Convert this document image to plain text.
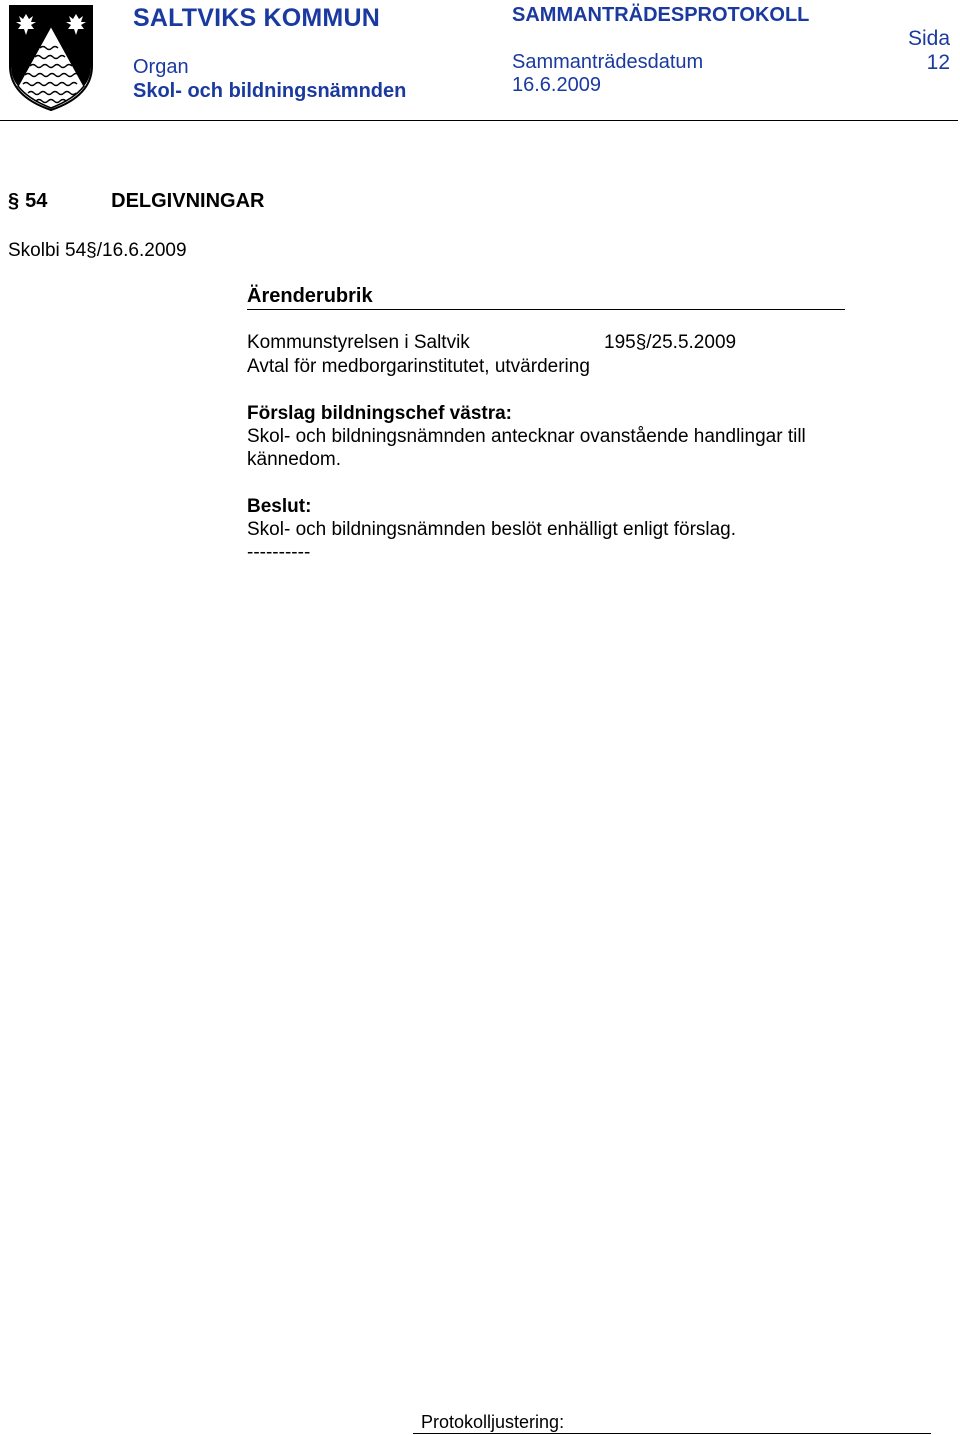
SALTVIKS KOMMUN
Organ
Skol- och bildningsnämnden
SAMMANTRÄDESPROTOKOLL
Sammanträdesdatum
16.6.2009
Sida
12
§ 54	DELGIVNINGAR
Skolbi 54§/16.6.2009
Ärenderubrik
Kommunstyrelsen i Saltvik	195§/25.5.2009
Avtal för medborgarinstitutet, utvärdering
Förslag bildningschef västra:
Skol- och bildningsnämnden antecknar ovanstående handlingar till
kännedom.
Beslut:
Skol- och bildningsnämnden beslöt enhälligt enligt förslag.
----------
Protokolljustering:
